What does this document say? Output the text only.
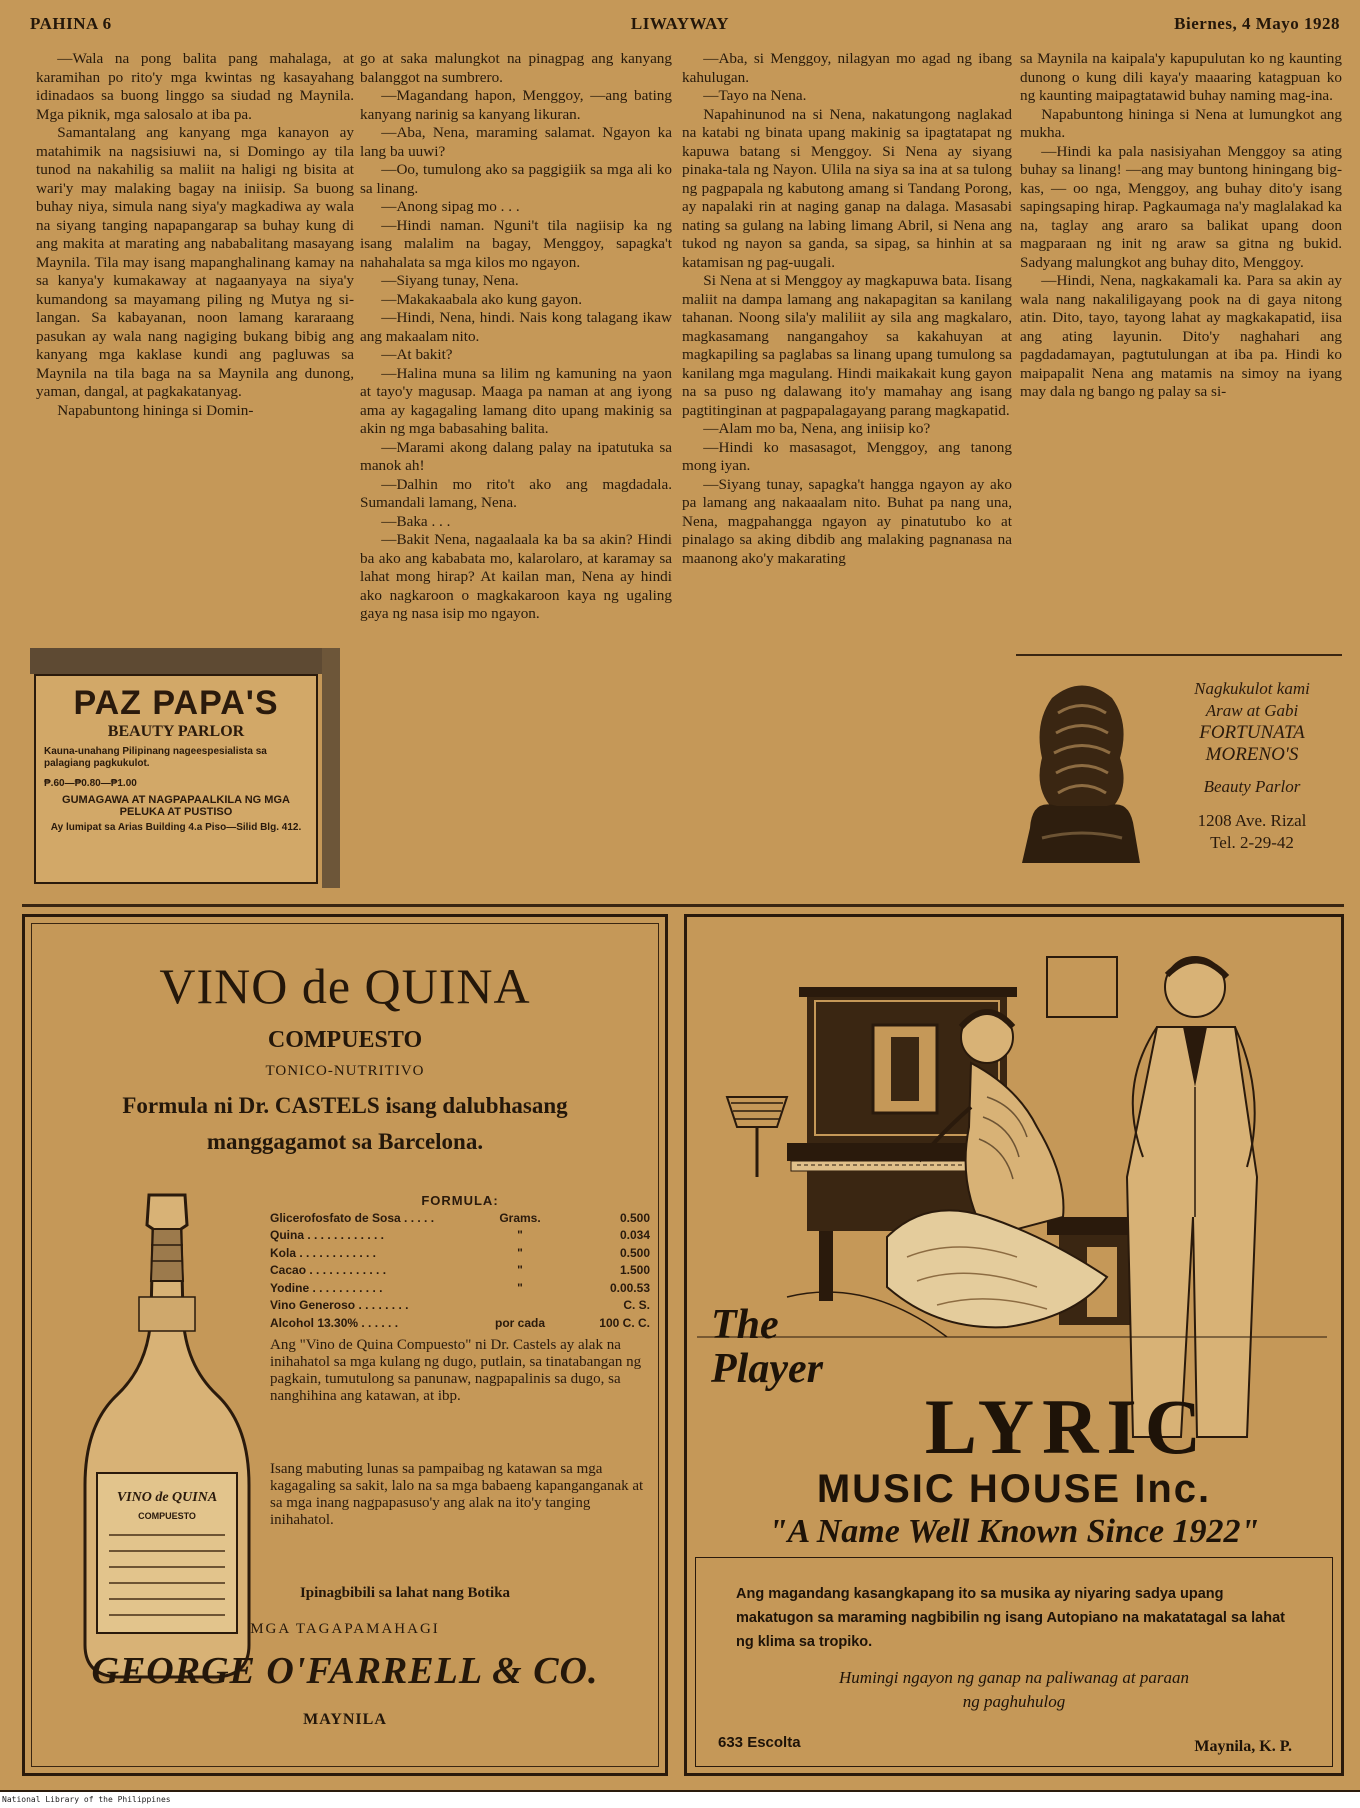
PAHINA 6	LIWAYWAY	Biernes, 4 Mayo 1928

—Wala na pong balita pang mahalaga, at karamihan po rito'y mga kwintas ng kasayahang idinadaos sa buong linggo sa siudad ng Maynila. Mga piknik, mga salosalo at iba pa.

Samantalang ang kanyang mga kanayon ay matahimik na nagsisiuwi na, si Domingo ay tila tunod na nakahilig sa maliit na haligi ng bisita at wari'y may malaking bagay na iniisip. Sa buong buhay niya, simula nang siya'y magkadiwa ay wala na siyang tanging napapangarap sa buhay kung di ang makita at marating ang nababalitang masayang Maynila. Tila may isang mapanghalinang kamay na sa kanya'y kumakaway at nagaanyaya na siya'y kumandong sa mayamang piling ng Mutya ng silangan. Sa kabayanan, noon lamang kararaang pasukan ay wala nang nagiging bukang bibig ang kanyang mga kaklase kundi ang pagluwas sa Maynila na tila baga na sa Maynila ang dunong, yaman, dangal, at pagkakatanyag.

Napabuntong hininga si Domin-

go at saka malungkot na pinagpag ang kanyang balanggot na sumbrero.

—Magandang hapon, Menggoy, —ang bating kanyang narinig sa kanyang likuran.

—Aba, Nena, maraming salamat. Ngayon ka lang ba uuwi?

—Oo, tumulong ako sa paggigiik sa mga ali ko sa linang.

—Anong sipag mo . . .

—Hindi naman. Nguni't tila nagiisip ka ng isang malalim na bagay, Menggoy, sapagka't nahahalata sa mga kilos mo ngayon.

—Siyang tunay, Nena.

—Makakaabala ako kung gayon.

—Hindi, Nena, hindi. Nais kong talagang ikaw ang makaalam nito.

—At bakit?

—Halina muna sa lilim ng kamuning na yaon at tayo'y magusap. Maaga pa naman at ang iyong ama ay kagagaling lamang dito upang makinig sa akin ng mga babasahing balita.

—Marami akong dalang palay na ipatutuka sa manok ah!

—Dalhin mo rito't ako ang magdadala. Sumandali lamang, Nena.

—Baka . . .

—Bakit Nena, nagaalaala ka ba sa akin? Hindi ba ako ang kababata mo, kalarolaro, at karamay sa lahat mong hirap? At kailan man, Nena ay hindi ako nagkaroon o magkakaroon kaya ng ugaling gaya ng nasa isip mo ngayon.

—Aba, si Menggoy, nilagyan mo agad ng ibang kahulugan.

—Tayo na Nena.

Napahinunod na si Nena, nakatungong naglakad na katabi ng binata upang makinig sa ipagtatapat ng kapuwa batang si Menggoy. Si Nena ay siyang pinaka-tala ng Nayon. Ulila na siya sa ina at sa tulong ng pagpapala ng kabutong amang si Tandang Porong, ay napalaki rin at naging ganap na dalaga. Masasabi nating sa gulang na labing limang Abril, si Nena ang tukod ng nayon sa ganda, sa sipag, sa hinhin at sa katamisan ng pag-uugali.

Si Nena at si Menggoy ay magkapuwa bata. Iisang maliit na dampa lamang ang nakapagitan sa kanilang tahanan. Noong sila'y maliliit ay sila ang magkalaro, magkasamang nangangahoy sa kakahuyan at magkapiling sa paglabas sa linang upang tumulong sa kanilang mga magulang. Hindi maikakait kung gayon na sa puso ng dalawang ito'y mamahay ang isang pagtitinginan at pagpapalagayang parang magkapatid.

—Alam mo ba, Nena, ang iniisip ko?

—Hindi ko masasagot, Menggoy, ang tanong mong iyan.

—Siyang tunay, sapagka't hangga ngayon ay ako pa lamang ang nakaaalam nito. Buhat pa nang una, Nena, magpahangga ngayon ay pinatutubo ko at pinalago sa aking dibdib ang malaking pagnanasa na maanong ako'y makarating

sa Maynila na kaipala'y kapupulutan ko ng kaunting dunong o kung dili kaya'y maaaring katagpuan ko ng kaunting maipagtatawid buhay naming mag-ina.

Napabuntong hininga si Nena at lumungkot ang mukha.

—Hindi ka pala nasisiyahan Menggoy sa ating buhay sa linang! —ang may buntong hiningang bigkas, — oo nga, Menggoy, ang buhay dito'y isang sapingsaping hirap. Pagkaumaga na'y maglalakad ka na, taglay ang araro sa balikat upang doon magparaan ng init ng araw sa gitna ng bukid. Sadyang malungkot ang buhay dito, Menggoy.

—Hindi, Nena, nagkakamali ka. Para sa akin ay wala nang nakaliligayang pook na di gaya nitong atin. Dito, tayo, tayong lahat ay magkakapatid, iisa ang ating layunin. Dito'y naghahari ang pagdadamayan, pagtutulungan at iba pa. Hindi ko maipapalit Nena ang matamis na simoy na iyang may dala ng bango ng palay sa si-

PAZ PAPA'S
BEAUTY PARLOR
Kauna-unahang Pilipinang nageespesialista sa palagiang pagkukulot.
₱.60—₱0.80—₱1.00
GUMAGAWA AT NAGPAPAALKILA NG MGA PELUKA AT PUSTISO
Ay lumipat sa Arias Building 4.a Piso—Silid Blg. 412.
Nagkukulot kami
Araw at Gabi
FORTUNATA
MORENO'S
Beauty Parlor
1208 Ave. Rizal
Tel. 2-29-42
VINO de QUINA
COMPUESTO
TONICO-NUTRITIVO
Formula ni Dr. CASTELS isang dalubhasang
manggagamot sa Barcelona.
VINO de QUINA
COMPUESTO
FORMULA:
Glicerofosfato de Sosa . . . . .	Grams.	0.500
Quina . . . . . . . . . . . .	"	0.034
Kola . . . . . . . . . . . .	"	0.500
Cacao . . . . . . . . . . . .	"	1.500
Yodine . . . . . . . . . . .	"	0.00.53
Vino Generoso . . . . . . . .	C. S.
Alcohol 13.30% . . . . . .	por cada	100 C. C.
Ang "Vino de Quina Compuesto" ni Dr. Castels ay alak na inihahatol sa mga kulang ng dugo, putlain, sa tinatabangan ng pagkain, tumutulong sa panunaw, nagpapalinis sa dugo, sa nanghihina ang katawan, at ibp.
Isang mabuting lunas sa pampaibag ng katawan sa mga kagagaling sa sakit, lalo na sa mga babaeng kapanganganak at sa mga inang nagpapasuso'y ang alak na ito'y tanging inihahatol.
Ipinagbibili sa lahat nang Botika
MGA TAGAPAMAHAGI
GEORGE O'FARRELL & CO.
MAYNILA
The
Player
LYRIC
MUSIC HOUSE Inc.
"A Name Well Known Since 1922"
Ang magandang kasangkapang ito sa musika ay niyaring sadya upang makatugon sa maraming nagbibilin ng isang Autopiano na makatatagal sa lahat ng klima sa tropiko.
Humingi ngayon ng ganap na paliwanag at paraan
ng paghuhulog
633 Escolta	Maynila, K. P.
National Library of the Philippines
